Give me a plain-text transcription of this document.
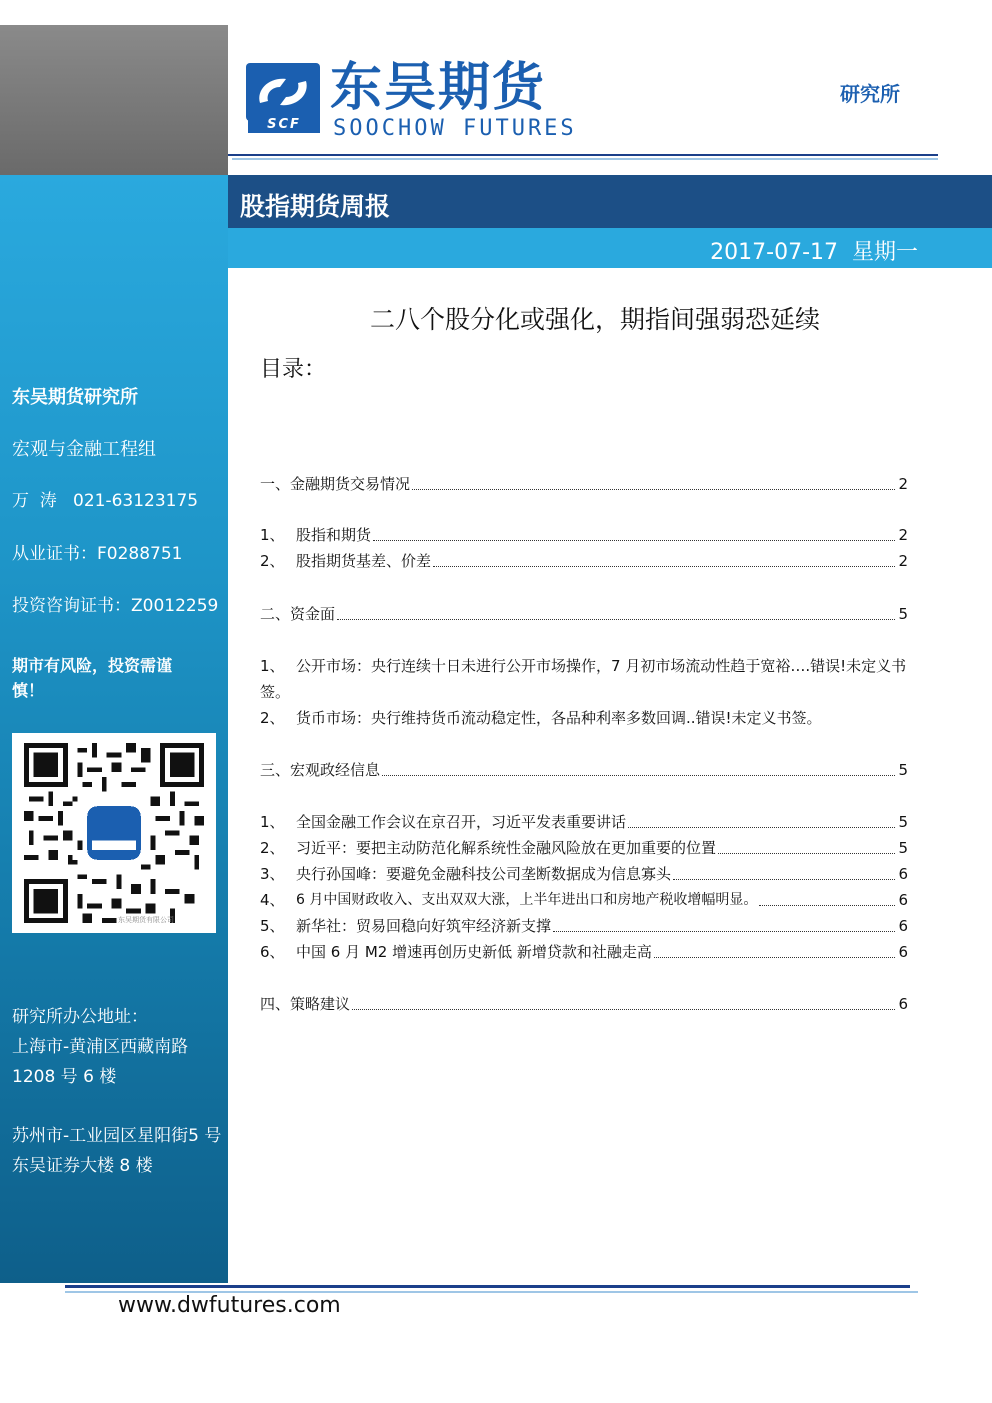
东吴期货研究所
宏观与金融工程组
万  涛   021-63123175
从业证书：F0288751
投资咨询证书：Z0012259
期市有风险，投资需谨慎！
研究所办公地址：
上海市-黄浦区西藏南路1208 号 6 楼
苏州市-工业园区星阳街5 号东吴证券大楼 8 楼
东吴期货有限公司
SCF
东吴期货
SOOCHOW FUTURES
研究所
股指期货周报
2017-07-17  星期一
二八个股分化或强化，期指间强弱恐延续
目录：
一、金融期货交易情况	2
1、 股指和期货	2
2、 股指期货基差、价差	2
二、资金面	5
1、 公开市场：央行连续十日未进行公开市场操作，7 月初市场流动性趋于宽裕….错误!未定义书签。
2、 货币市场：央行维持货币流动稳定性，各品种利率多数回调..错误!未定义书签。
三、宏观政经信息	5
1、 全国金融工作会议在京召开，习近平发表重要讲话	5
2、 习近平：要把主动防范化解系统性金融风险放在更加重要的位置	5
3、 央行孙国峰：要避免金融科技公司垄断数据成为信息寡头	6
4、 6 月中国财政收入、支出双双大涨，上半年进出口和房地产税收增幅明显。	6
5、 新华社：贸易回稳向好筑牢经济新支撑	6
6、 中国 6 月 M2 增速再创历史新低 新增贷款和社融走高	6
四、策略建议	6
www.dwfutures.com
